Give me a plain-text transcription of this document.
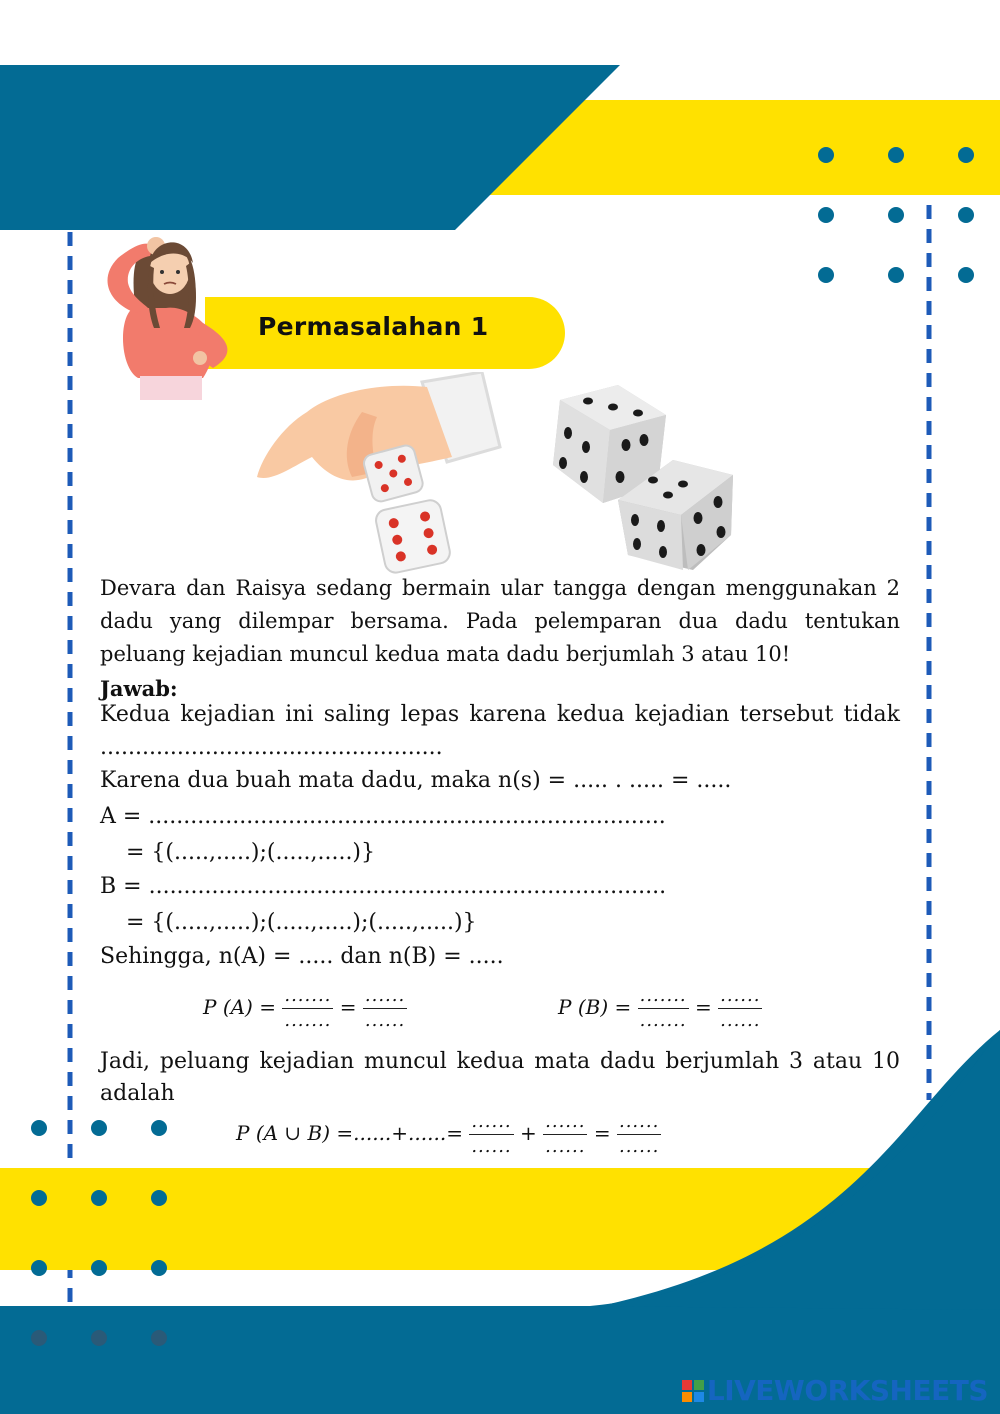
Permasalahan 1
Devara dan Raisya sedang bermain ular tangga dengan menggunakan 2 dadu yang dilempar bersama. Pada pelemparan dua dadu tentukan peluang kejadian muncul kedua mata dadu berjumlah 3 atau 10!
Jawab:
Kedua kejadian ini saling lepas karena kedua kejadian tersebut tidak
.................................................
Karena dua buah mata dadu, maka n(s) = ..... . ..... = .....
A = ..........................................................................
= {(.....,.....);(.....,.....)}
B = ..........................................................................
= {(.....,.....);(.....,.....);(.....,.....)}
Sehingga, n(A) = ..... dan n(B) = .....
P $(A) = \frac{.......}{.......} = \frac{......}{......}$	P $(B) = \frac{.......}{.......} = \frac{......}{......}$
Jadi, peluang kejadian muncul kedua mata dadu berjumlah 3 atau 10
adalah
P (A ∪ B) =......+......= $\frac{......}{......} + \frac{......}{......} = \frac{......}{......}$
LIVEWORKSHEETS
